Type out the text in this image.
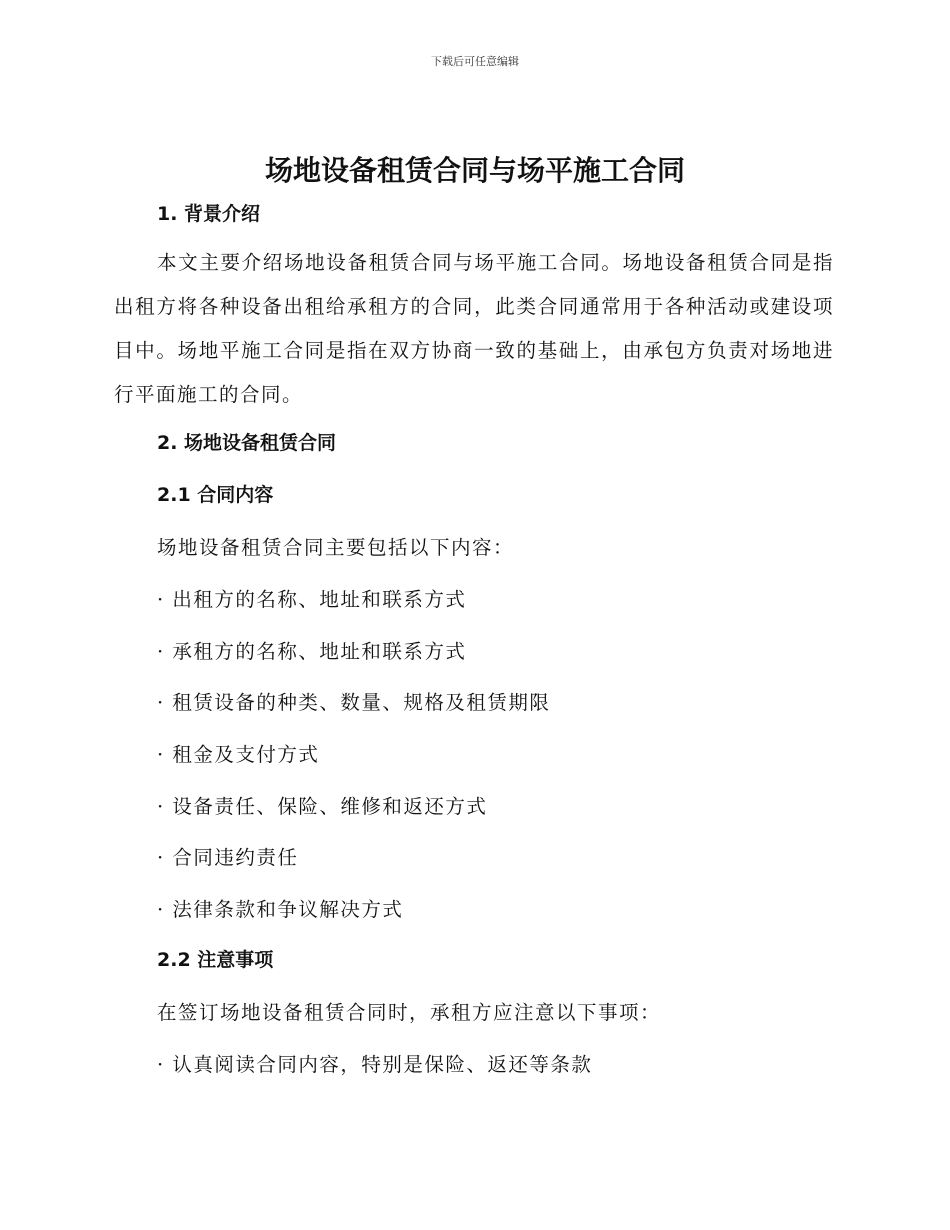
下载后可任意编辑
场地设备租赁合同与场平施工合同
1. 背景介绍

本文主要介绍场地设备租赁合同与场平施工合同。场地设备租赁合同是指出租方将各种设备出租给承租方的合同，此类合同通常用于各种活动或建设项目中。场地平施工合同是指在双方协商一致的基础上，由承包方负责对场地进行平面施工的合同。

2. 场地设备租赁合同
2.1 合同内容

场地设备租赁合同主要包括以下内容：

· 出租方的名称、地址和联系方式

· 承租方的名称、地址和联系方式

· 租赁设备的种类、数量、规格及租赁期限

· 租金及支付方式

· 设备责任、保险、维修和返还方式

· 合同违约责任

· 法律条款和争议解决方式

2.2 注意事项

在签订场地设备租赁合同时，承租方应注意以下事项：

· 认真阅读合同内容，特别是保险、返还等条款
